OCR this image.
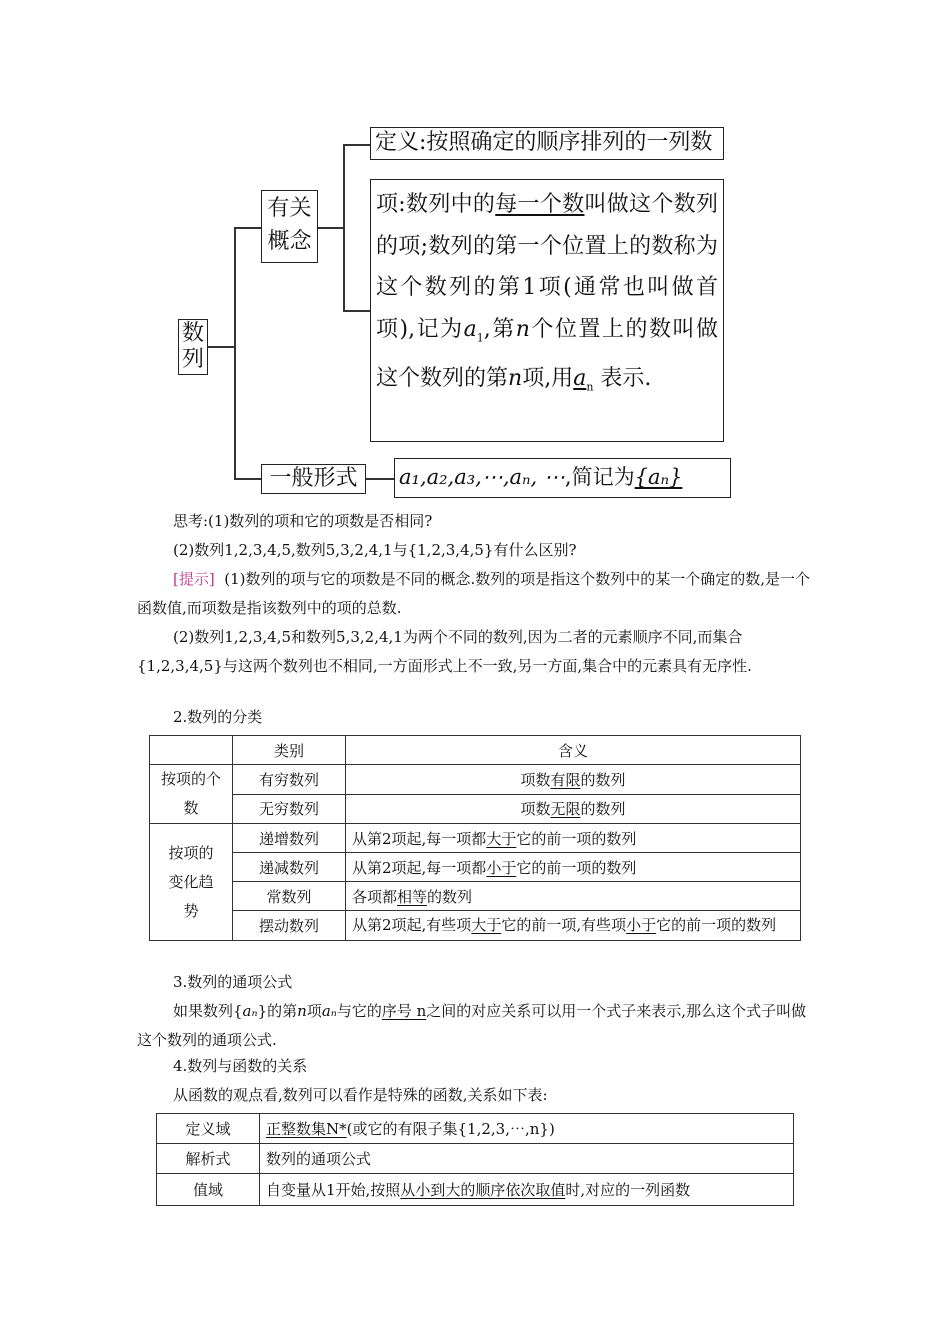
数列
有关概念
定义:按照确定的顺序排列的一列数
项:数列中的每一个数叫做这个数列的项;数列的第一个位置上的数称为这个数列的第1项(通常也叫做首项),记为$a_1$,第n个位置上的数叫做这个数列的第n项,用$a_n$ 表示.
一般形式	a₁,a₂,a₃,⋯,aₙ, ⋯,简记为{aₙ}
思考:(1)数列的项和它的项数是否相同?
(2)数列1,2,3,4,5,数列5,3,2,4,1与{1,2,3,4,5}有什么区别?
[提示] (1)数列的项与它的项数是不同的概念.数列的项是指这个数列中的某一个确定的数,是一个函数值,而项数是指该数列中的项的总数.
(2)数列1,2,3,4,5和数列5,3,2,4,1为两个不同的数列,因为二者的元素顺序不同,而集合{1,2,3,4,5}与这两个数列也不相同,一方面形式上不一致,另一方面,集合中的元素具有无序性.
2.数列的分类
	类别	含义
按项的个数	有穷数列	项数有限的数列
	无穷数列	项数无限的数列
按项的变化趋势	递增数列	从第2项起,每一项都大于它的前一项的数列
	递减数列	从第2项起,每一项都小于它的前一项的数列
	常数列	各项都相等的数列
	摆动数列	从第2项起,有些项大于它的前一项,有些项小于它的前一项的数列
3.数列的通项公式
如果数列{aₙ}的第n项aₙ与它的序号 n之间的对应关系可以用一个式子来表示,那么这个式子叫做这个数列的通项公式.
4.数列与函数的关系
从函数的观点看,数列可以看作是特殊的函数,关系如下表:
定义域	正整数集N*(或它的有限子集{1,2,3,⋯,n})
解析式	数列的通项公式
值域	自变量从1开始,按照从小到大的顺序依次取值时,对应的一列函数
